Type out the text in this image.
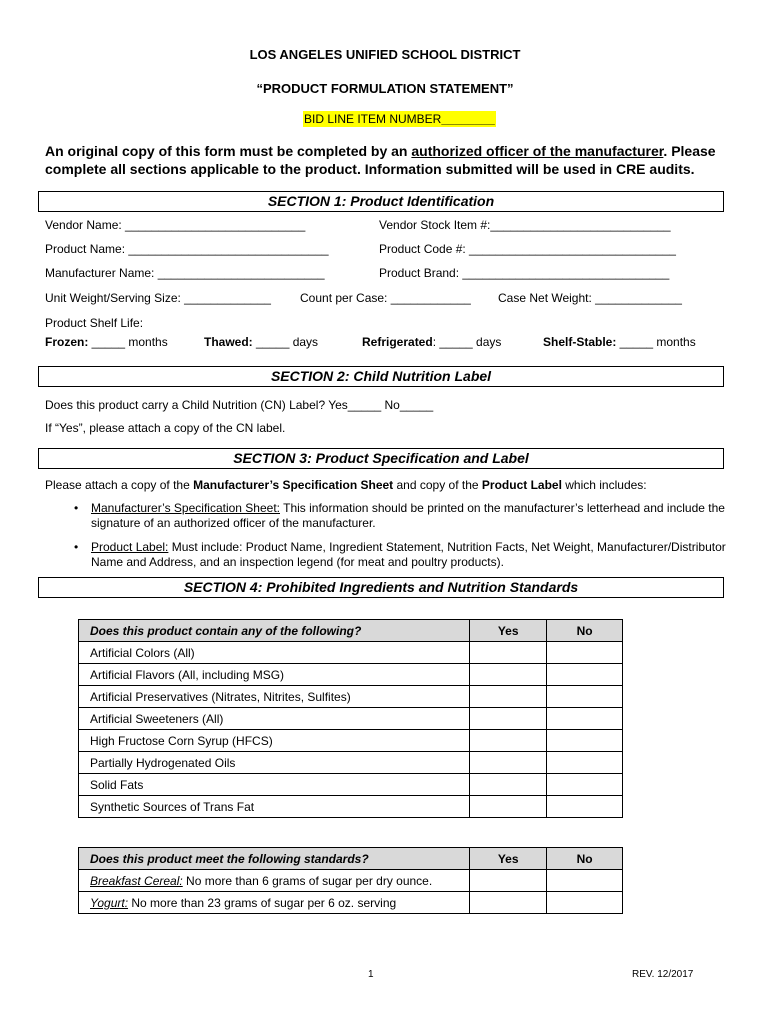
LOS ANGELES UNIFIED SCHOOL DISTRICT
“PRODUCT FORMULATION STATEMENT”
BID LINE ITEM NUMBER________
An original copy of this form must be completed by an authorized officer of the manufacturer. Please complete all sections applicable to the product. Information submitted will be used in CRE audits.
SECTION 1: Product Identification
Vendor Name: ___________________________	Vendor Stock Item #:___________________________
Product Name: ______________________________	Product Code #: _______________________________
Manufacturer Name: _________________________	Product Brand: _______________________________
Unit Weight/Serving Size: _____________ Count per Case: ____________ Case Net Weight: _____________
Product Shelf Life:
Frozen: _____ months	Thawed: _____ days	Refrigerated: _____ days	Shelf-Stable: _____ months
SECTION 2: Child Nutrition Label
Does this product carry a Child Nutrition (CN) Label? Yes_____ No_____
If “Yes”, please attach a copy of the CN label.
SECTION 3: Product Specification and Label
Please attach a copy of the Manufacturer’s Specification Sheet and copy of the Product Label which includes:
•	Manufacturer’s Specification Sheet: This information should be printed on the manufacturer’s letterhead and include the signature of an authorized officer of the manufacturer.
•	Product Label: Must include: Product Name, Ingredient Statement, Nutrition Facts, Net Weight, Manufacturer/Distributor Name and Address, and an inspection legend (for meat and poultry products).
SECTION 4: Prohibited Ingredients and Nutrition Standards
Does this product contain any of the following?	Yes	No
Artificial Colors (All)		
Artificial Flavors (All, including MSG)		
Artificial Preservatives (Nitrates, Nitrites, Sulfites)		
Artificial Sweeteners (All)		
High Fructose Corn Syrup (HFCS)		
Partially Hydrogenated Oils		
Solid Fats		
Synthetic Sources of Trans Fat		
Does this product meet the following standards?	Yes	No
Breakfast Cereal: No more than 6 grams of sugar per dry ounce.		
Yogurt: No more than 23 grams of sugar per 6 oz. serving		
1	REV. 12/2017
